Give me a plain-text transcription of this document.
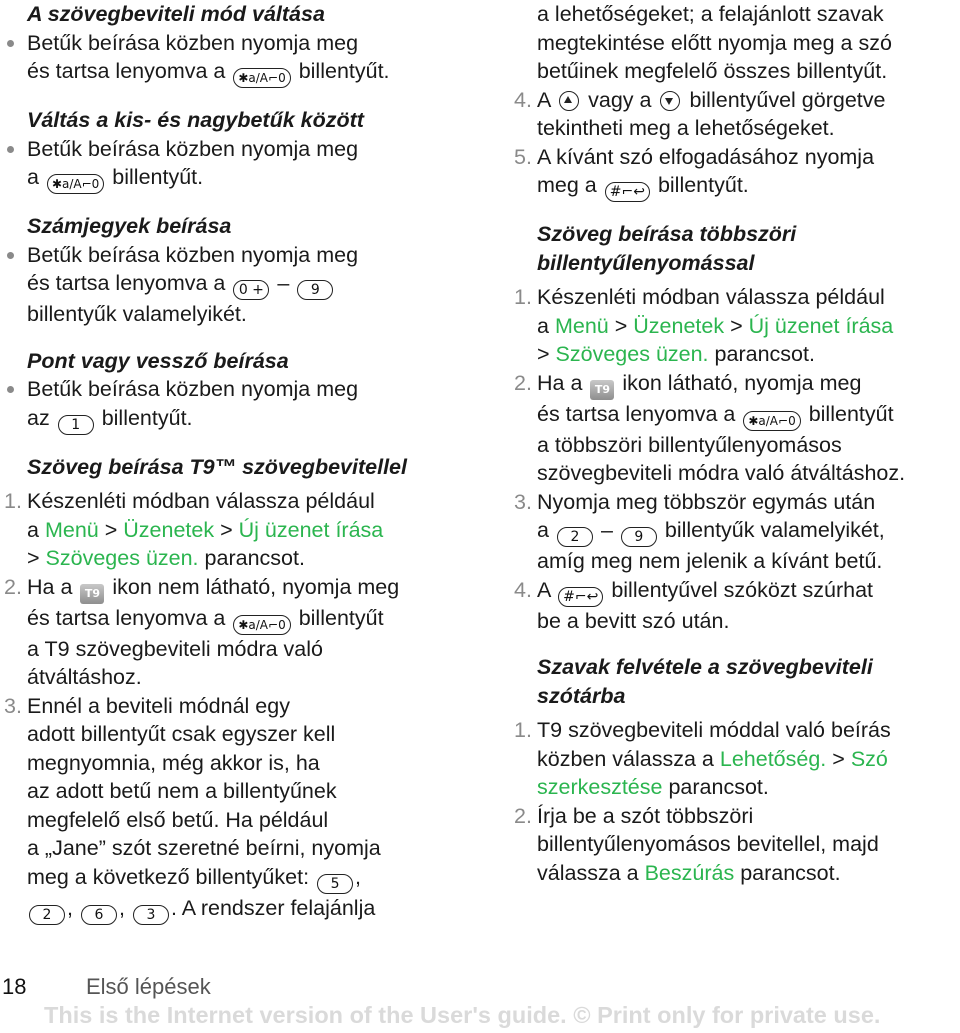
A szövegbeviteli mód váltása
Betűk beírása közben nyomja meg
és tartsa lenyomva a ✱a/A⌐0 billentyűt.
Váltás a kis- és nagybetűk között
Betűk beírása közben nyomja meg
a ✱a/A⌐0 billentyűt.
Számjegyek beírása
Betűk beírása közben nyomja meg
és tartsa lenyomva a 0 + – 9
billentyűk valamelyikét.
Pont vagy vessző beírása
Betűk beírása közben nyomja meg
az 1 billentyűt.
Szöveg beírása T9™ szövegbevitellel
1. Készenléti módban válassza például
a Menü > Üzenetek > Új üzenet írása
> Szöveges üzen. parancsot.
2. Ha a T9 ikon nem látható, nyomja meg
és tartsa lenyomva a ✱a/A⌐0 billentyűt
a T9 szövegbeviteli módra való
átváltáshoz.
3. Ennél a beviteli módnál egy
adott billentyűt csak egyszer kell
megnyomnia, még akkor is, ha
az adott betű nem a billentyűnek
megfelelő első betű. Ha például
a „Jane” szót szeretné beírni, nyomja
meg a következő billentyűket: 5 ,
2 , 6 , 3 . A rendszer felajánlja
a lehetőségeket; a felajánlott szavak
megtekintése előtt nyomja meg a szó
betűinek megfelelő összes billentyűt.
4. A vagy a billentyűvel görgetve
tekintheti meg a lehetőségeket.
5. A kívánt szó elfogadásához nyomja
meg a #⌐↩ billentyűt.
Szöveg beírása többszöri
billentyűlenyomással
1. Készenléti módban válassza például
a Menü > Üzenetek > Új üzenet írása
> Szöveges üzen. parancsot.
2. Ha a T9 ikon látható, nyomja meg
és tartsa lenyomva a ✱a/A⌐0 billentyűt
a többszöri billentyűlenyomásos
szövegbeviteli módra való átváltáshoz.
3. Nyomja meg többször egymás után
a 2 – 9 billentyűk valamelyikét,
amíg meg nem jelenik a kívánt betű.
4. A #⌐↩ billentyűvel szóközt szúrhat
be a bevitt szó után.
Szavak felvétele a szövegbeviteli
szótárba
1. T9 szövegbeviteli móddal való beírás
közben válassza a Lehetőség. > Szó
szerkesztése parancsot.
2. Írja be a szót többszöri
billentyűlenyomásos bevitellel, majd
válassza a Beszúrás parancsot.
18	Első lépések
This is the Internet version of the User's guide. © Print only for private use.
